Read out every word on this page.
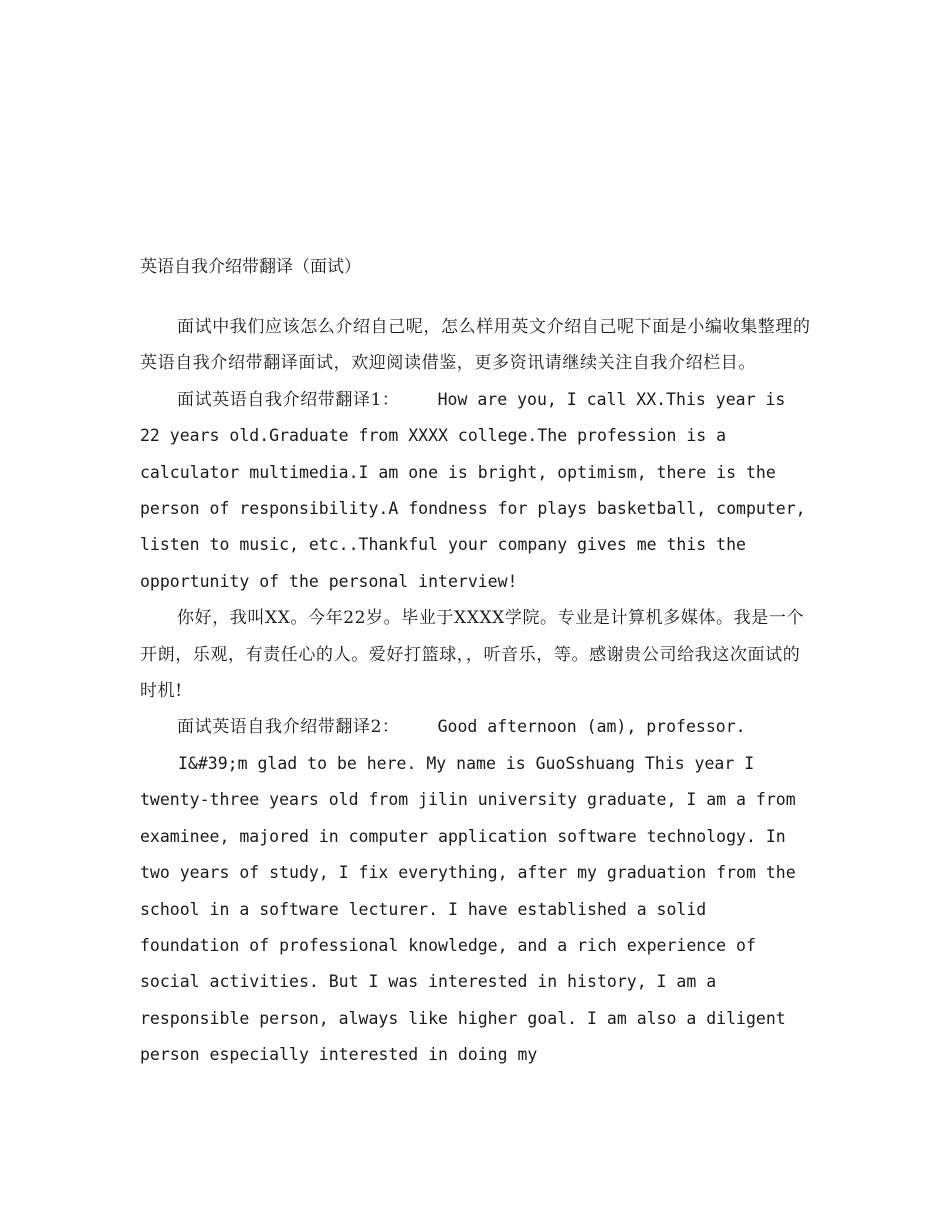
英语自我介绍带翻译（面试）

面试中我们应该怎么介绍自己呢，怎么样用英文介绍自己呢下面是小编收集整理的英语自我介绍带翻译面试，欢迎阅读借鉴，更多资讯请继续关注自我介绍栏目。

面试英语自我介绍带翻译1： How are you, I call XX.This year is 22 years old.Graduate from XXXX college.The profession is a calculator multimedia.I am one is bright, optimism, there is the person of responsibility.A fondness for plays basketball, computer, listen to music, etc..Thankful your company gives me this the opportunity of the personal interview!

你好，我叫XX。今年22岁。毕业于XXXX学院。专业是计算机多媒体。我是一个开朗，乐观，有责任心的人。爱好打篮球，，听音乐，等。感谢贵公司给我这次面试的时机!

面试英语自我介绍带翻译2： Good afternoon (am), professor.

I&#39;m glad to be here. My name is GuoSshuang This year I twenty-three years old from jilin university graduate, I am a from examinee, majored in computer application software technology. In two years of study, I fix everything, after my graduation from the school in a software lecturer. I have established a solid foundation of professional knowledge, and a rich experience of social activities. But I was interested in history, I am a responsible person, always like higher goal. I am also a diligent person especially interested in doing my
